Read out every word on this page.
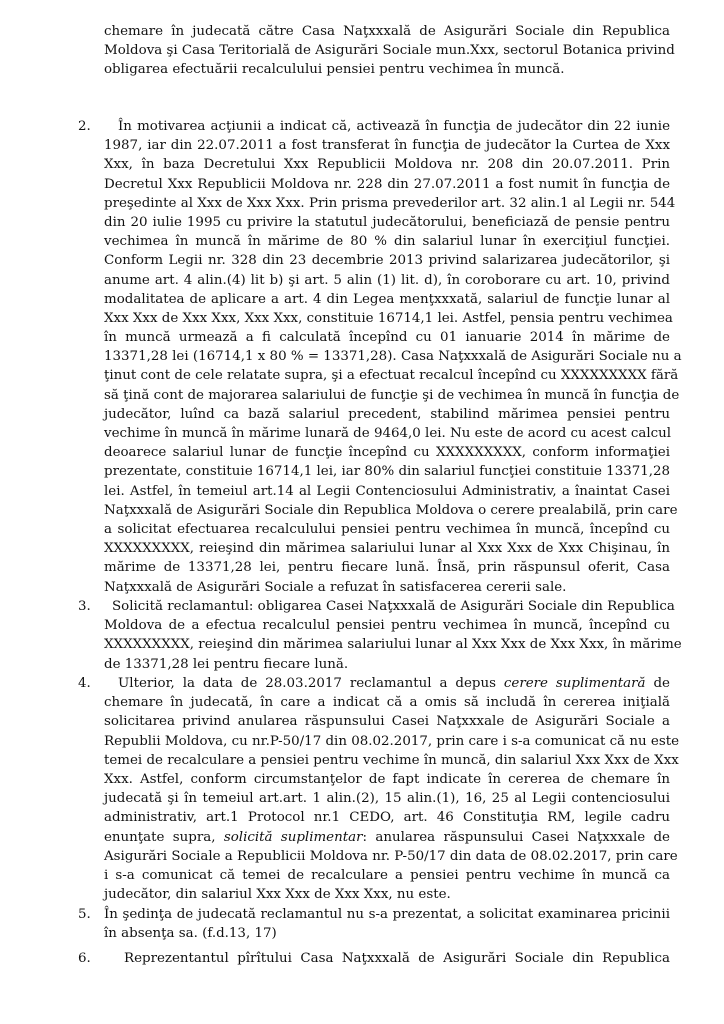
chemare în judecată către Casa Naţxxxală de Asigurări Sociale din Republica
Moldova şi Casa Teritorială de Asigurări Sociale mun.Xxx, sectorul Botanica privind
obligarea efectuării recalculului pensiei pentru vechimea în muncă.
2.	În motivarea acţiunii a indicat că, activează în funcţia de judecător din 22 iunie
1987, iar din 22.07.2011 a fost transferat în funcţia de judecător la Curtea de Xxx
Xxx, în baza Decretului Xxx Republicii Moldova nr. 208 din 20.07.2011. Prin
Decretul Xxx Republicii Moldova nr. 228 din 27.07.2011 a fost numit în funcţia de
preşedinte al Xxx de Xxx Xxx. Prin prisma prevederilor art. 32 alin.1 al Legii nr. 544
din 20 iulie 1995 cu privire la statutul judecătorului, beneficiază de pensie pentru
vechimea în muncă în mărime de 80 % din salariul lunar în exerciţiul funcţiei.
Conform Legii nr. 328 din 23 decembrie 2013 privind salarizarea judecătorilor, şi
anume art. 4 alin.(4) lit b) şi art. 5 alin (1) lit. d), în coroborare cu art. 10, privind
modalitatea de aplicare a art. 4 din Legea menţxxxată, salariul de funcţie lunar al
Xxx Xxx de Xxx Xxx, Xxx Xxx, constituie 16714,1 lei. Astfel, pensia pentru vechimea
în muncă urmează a fi calculată începînd cu 01 ianuarie 2014 în mărime de
13371,28 lei (16714,1 x 80 % = 13371,28). Casa Naţxxxală de Asigurări Sociale nu a
ţinut cont de cele relatate supra, şi a efectuat recalcul începînd cu XXXXXXXXX fără
să ţină cont de majorarea salariului de funcţie şi de vechimea în muncă în funcţia de
judecător, luînd ca bază salariul precedent, stabilind mărimea pensiei pentru
vechime în muncă în mărime lunară de 9464,0 lei. Nu este de acord cu acest calcul
deoarece salariul lunar de funcţie începînd cu XXXXXXXXX, conform informaţiei
prezentate, constituie 16714,1 lei, iar 80% din salariul funcţiei constituie 13371,28
lei. Astfel, în temeiul art.14 al Legii Contenciosului Administrativ, a înaintat Casei
Naţxxxală de Asigurări Sociale din Republica Moldova o cerere prealabilă, prin care
a solicitat efectuarea recalculului pensiei pentru vechimea în muncă, începînd cu
XXXXXXXXX, reieşind din mărimea salariului lunar al Xxx Xxx de Xxx Chişinau, în
mărime de 13371,28 lei, pentru fiecare lună. Însă, prin răspunsul oferit, Casa
Naţxxxală de Asigurări Sociale a refuzat în satisfacerea cererii sale.
3.	Solicită reclamantul: obligarea Casei Naţxxxală de Asigurări Sociale din Republica
Moldova de a efectua recalculul pensiei pentru vechimea în muncă, începînd cu
XXXXXXXXX, reieşind din mărimea salariului lunar al Xxx Xxx de Xxx Xxx, în mărime
de 13371,28 lei pentru fiecare lună.
4.	Ulterior, la data de 28.03.2017 reclamantul a depus cerere suplimentară de
chemare în judecată, în care a indicat că a omis să includă în cererea iniţială
solicitarea privind anularea răspunsului Casei Naţxxxale de Asigurări Sociale a
Republii Moldova, cu nr.P-50/17 din 08.02.2017, prin care i s-a comunicat că nu este
temei de recalculare a pensiei pentru vechime în muncă, din salariul Xxx Xxx de Xxx
Xxx. Astfel, conform circumstanţelor de fapt indicate în cererea de chemare în
judecată şi în temeiul art.art. 1 alin.(2), 15 alin.(1), 16, 25 al Legii contenciosului
administrativ, art.1 Protocol nr.1 CEDO, art. 46 Constituţia RM, legile cadru
enunţate supra, solicită suplimentar: anularea răspunsului Casei Naţxxxale de
Asigurări Sociale a Republicii Moldova nr. P-50/17 din data de 08.02.2017, prin care
i s-a comunicat că temei de recalculare a pensiei pentru vechime în muncă ca
judecător, din salariul Xxx Xxx de Xxx Xxx, nu este.
5. În şedinţa de judecată reclamantul nu s-a prezentat, a solicitat examinarea pricinii
în absenţa sa. (f.d.13, 17)
6.	Reprezentantul pîrîtului Casa Naţxxxală de Asigurări Sociale din Republica
